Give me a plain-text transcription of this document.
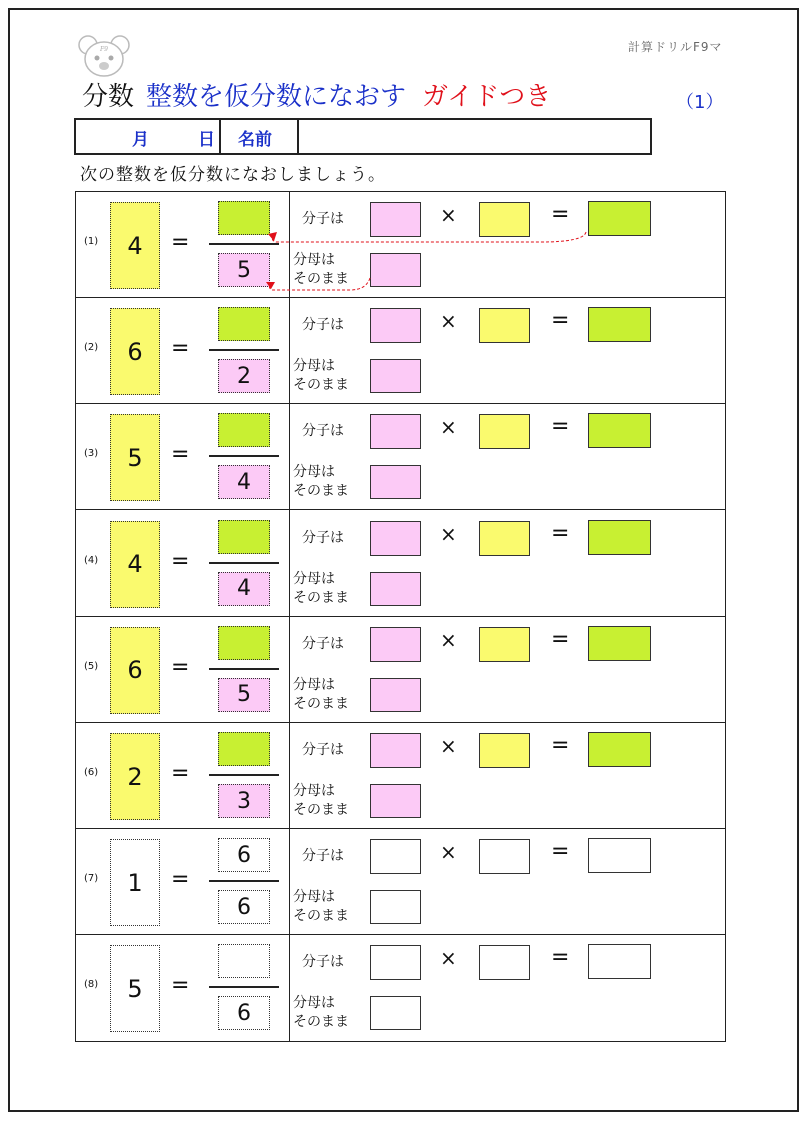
F9	計算ドリルF9マ
分数 整数を仮分数になおす ガイドつき	（1）
月	日 名前
次の整数を仮分数になおしましょう。
(1)	4	=
5
分子は	×	=
分母は
そのまま
(2)	6	=
2
分子は	×	=
分母は
そのまま
(3)	5	=
4
分子は	×	=
分母は
そのまま
(4)	4	=
4
分子は	×	=
分母は
そのまま
(5)	6	=
5
分子は	×	=
分母は
そのまま
(6)	2	=
3
分子は	×	=
分母は
そのまま
(7)	1	=
6
6
分子は	×	=
分母は
そのまま
(8)	5	=
6
分子は	×	=
分母は
そのまま
